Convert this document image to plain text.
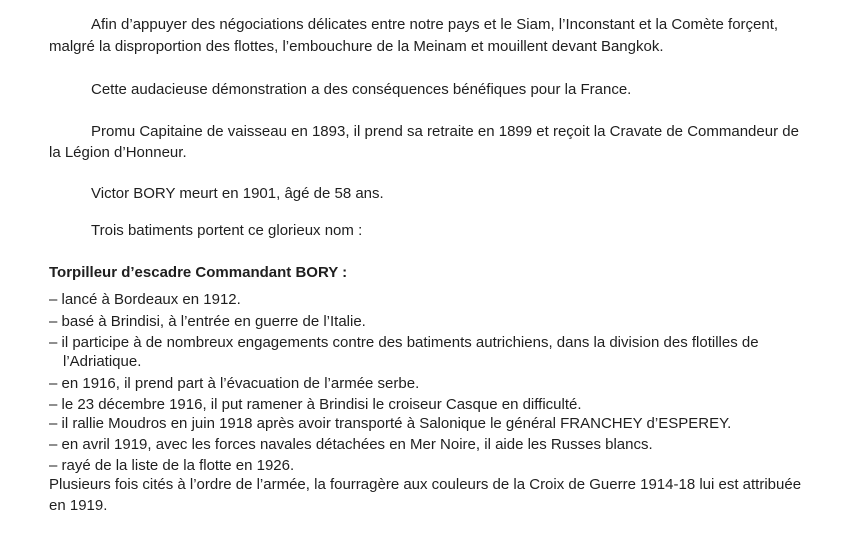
Afin d’appuyer des négociations délicates entre notre pays et le Siam, l’Inconstant et la Comète forçent,
malgré la disproportion des flottes, l’embouchure de la Meinam et mouillent devant Bangkok.
Cette audacieuse démonstration a des conséquences bénéfiques pour la France.
Promu Capitaine de vaisseau en 1893, il prend sa retraite en 1899 et reçoit la Cravate de Commandeur de
la Légion d’Honneur.
Victor BORY meurt en 1901, âgé de 58 ans.
Trois batiments portent ce glorieux nom :
Torpilleur d’escadre Commandant BORY :
– lancé à Bordeaux en 1912.
– basé à Brindisi, à l’entrée en guerre de l’Italie.
– il participe à de nombreux engagements contre des batiments autrichiens, dans la division des flotilles de
l’Adriatique.
– en 1916, il prend part à l’évacuation de l’armée serbe.
– le 23 décembre 1916, il put ramener à Brindisi le croiseur Casque en difficulté.
– il rallie Moudros en juin 1918 après avoir transporté à Salonique le général FRANCHEY d’ESPEREY.
– en avril 1919, avec les forces navales détachées en Mer Noire, il aide les Russes blancs.
– rayé de la liste de la flotte en 1926.
Plusieurs fois cités à l’ordre de l’armée, la fourragère aux couleurs de la Croix de Guerre 1914-18 lui est attribuée
en 1919.
